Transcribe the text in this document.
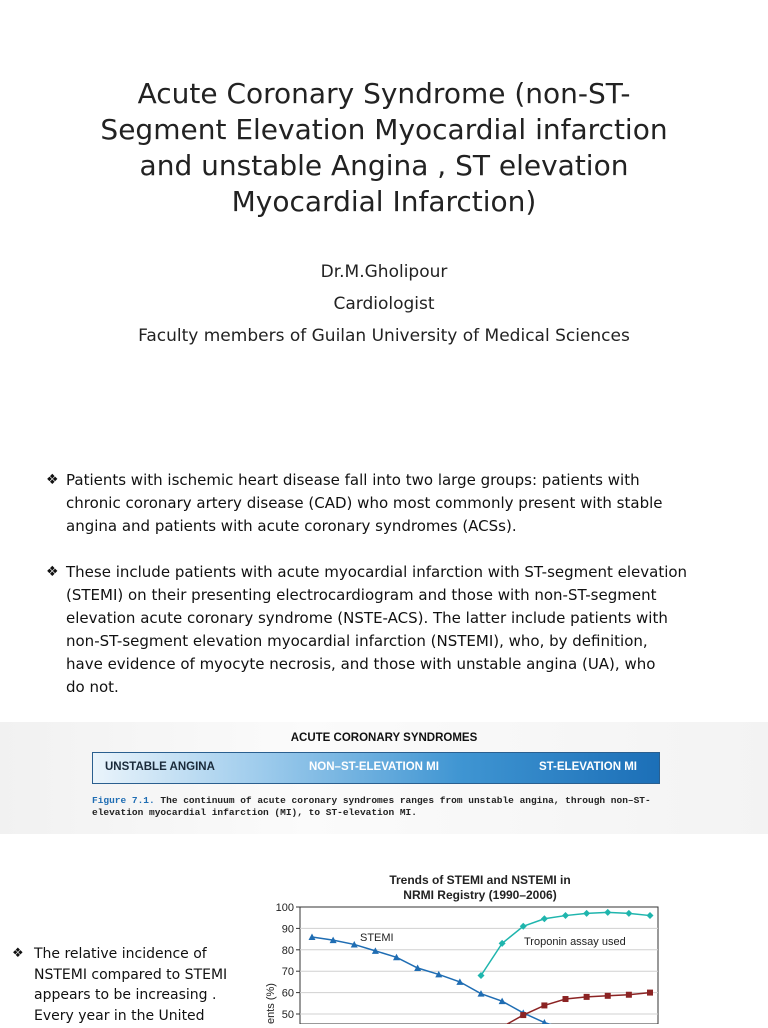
Acute Coronary Syndrome (non-ST-
Segment Elevation Myocardial infarction
and unstable Angina , ST elevation
Myocardial Infarction)
Dr.M.Gholipour
Cardiologist
Faculty members of Guilan University of Medical Sciences
❖ Patients with ischemic heart disease fall into two large groups: patients with
chronic coronary artery disease (CAD) who most commonly present with stable
angina and patients with acute coronary syndromes (ACSs).
❖ These include patients with acute myocardial infarction with ST-segment elevation
(STEMI) on their presenting electrocardiogram and those with non-ST-segment
elevation acute coronary syndrome (NSTE-ACS). The latter include patients with
non-ST-segment elevation myocardial infarction (NSTEMI), who, by definition,
have evidence of myocyte necrosis, and those with unstable angina (UA), who
do not.
ACUTE CORONARY SYNDROMES
UNSTABLE ANGINA	NON–ST-ELEVATION MI	ST-ELEVATION MI
Figure 7.1. The continuum of acute coronary syndromes ranges from unstable angina, through non–ST-
elevation myocardial infarction (MI), to ST-elevation MI.
❖ The relative incidence of
NSTEMI compared to STEMI
appears to be increasing .
Every year in the United
Trends of STEMI and NSTEMI in
NRMI Registry (1990–2006)
ents (%) 50
60
70
80
90
100
STEMI	Troponin assay used
